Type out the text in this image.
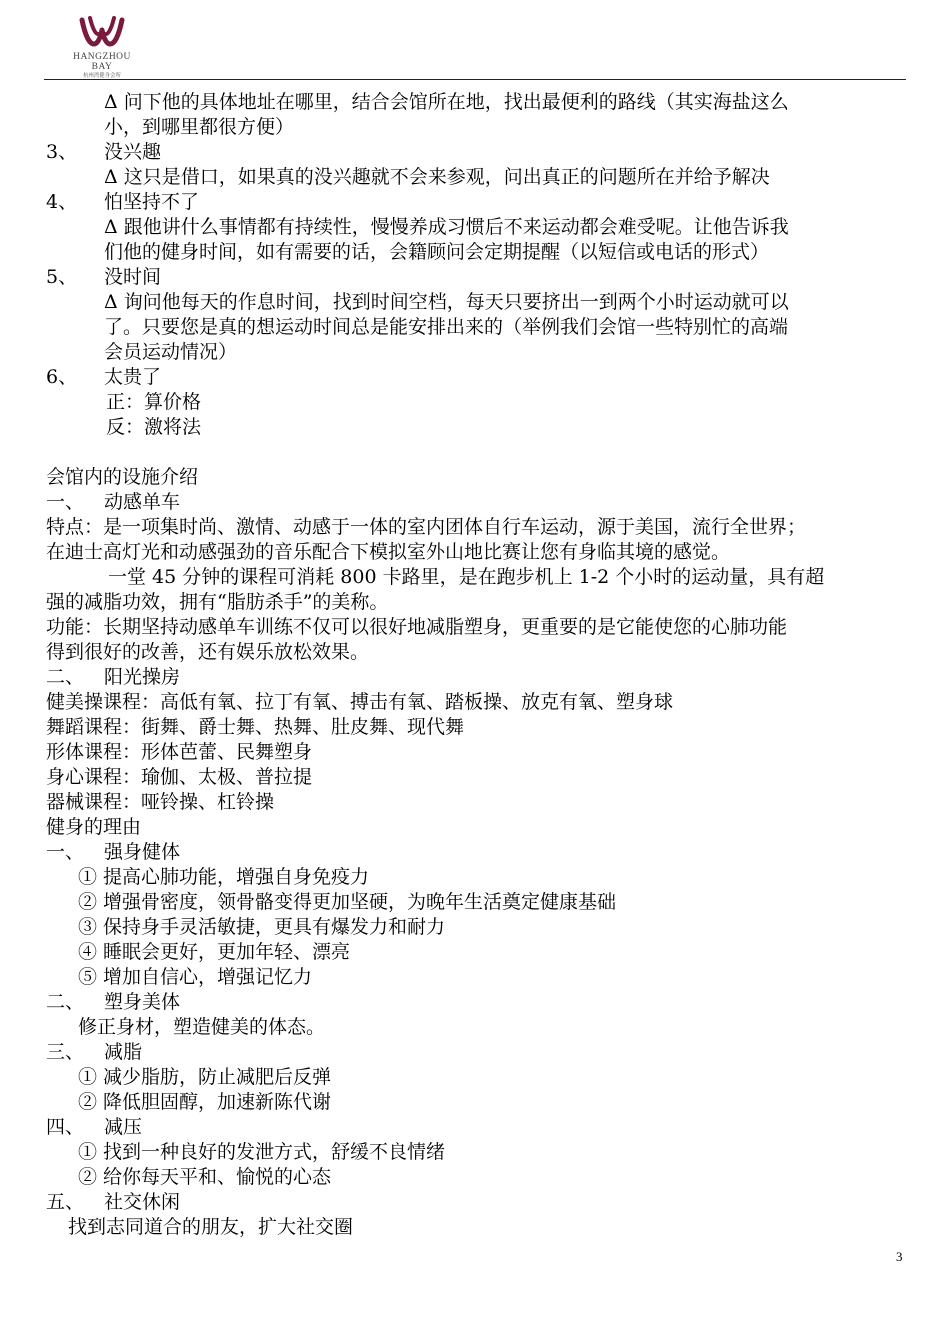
HANGZHOU BAY
杭州湾健身会所
Δ 问下他的具体地址在哪里，结合会馆所在地，找出最便利的路线（其实海盐这么
小，到哪里都很方便）
3、 没兴趣
Δ 这只是借口，如果真的没兴趣就不会来参观，问出真正的问题所在并给予解决
4、 怕坚持不了
Δ 跟他讲什么事情都有持续性，慢慢养成习惯后不来运动都会难受呢。让他告诉我
们他的健身时间，如有需要的话，会籍顾问会定期提醒（以短信或电话的形式）
5、 没时间
Δ 询问他每天的作息时间，找到时间空档，每天只要挤出一到两个小时运动就可以
了。只要您是真的想运动时间总是能安排出来的（举例我们会馆一些特别忙的高端
会员运动情况）
6、 太贵了
正：算价格
反：激将法
会馆内的设施介绍
一、 动感单车
特点：是一项集时尚、激情、动感于一体的室内团体自行车运动，源于美国，流行全世界；
在迪士高灯光和动感强劲的音乐配合下模拟室外山地比赛让您有身临其境的感觉。
一堂 45 分钟的课程可消耗 800 卡路里，是在跑步机上 1-2 个小时的运动量，具有超
强的减脂功效，拥有“脂肪杀手”的美称。
功能：长期坚持动感单车训练不仅可以很好地减脂塑身，更重要的是它能使您的心肺功能
得到很好的改善，还有娱乐放松效果。
二、 阳光操房
健美操课程：高低有氧、拉丁有氧、搏击有氧、踏板操、放克有氧、塑身球
舞蹈课程：街舞、爵士舞、热舞、肚皮舞、现代舞
形体课程：形体芭蕾、民舞塑身
身心课程：瑜伽、太极、普拉提
器械课程：哑铃操、杠铃操
健身的理由
一、 强身健体
① 提高心肺功能，增强自身免疫力
② 增强骨密度，领骨骼变得更加坚硬，为晚年生活奠定健康基础
③ 保持身手灵活敏捷，更具有爆发力和耐力
④ 睡眠会更好，更加年轻、漂亮
⑤ 增加自信心，增强记忆力
二、 塑身美体
修正身材，塑造健美的体态。
三、 减脂
① 减少脂肪，防止减肥后反弹
② 降低胆固醇，加速新陈代谢
四、 减压
① 找到一种良好的发泄方式，舒缓不良情绪
② 给你每天平和、愉悦的心态
五、 社交休闲
找到志同道合的朋友，扩大社交圈
3
